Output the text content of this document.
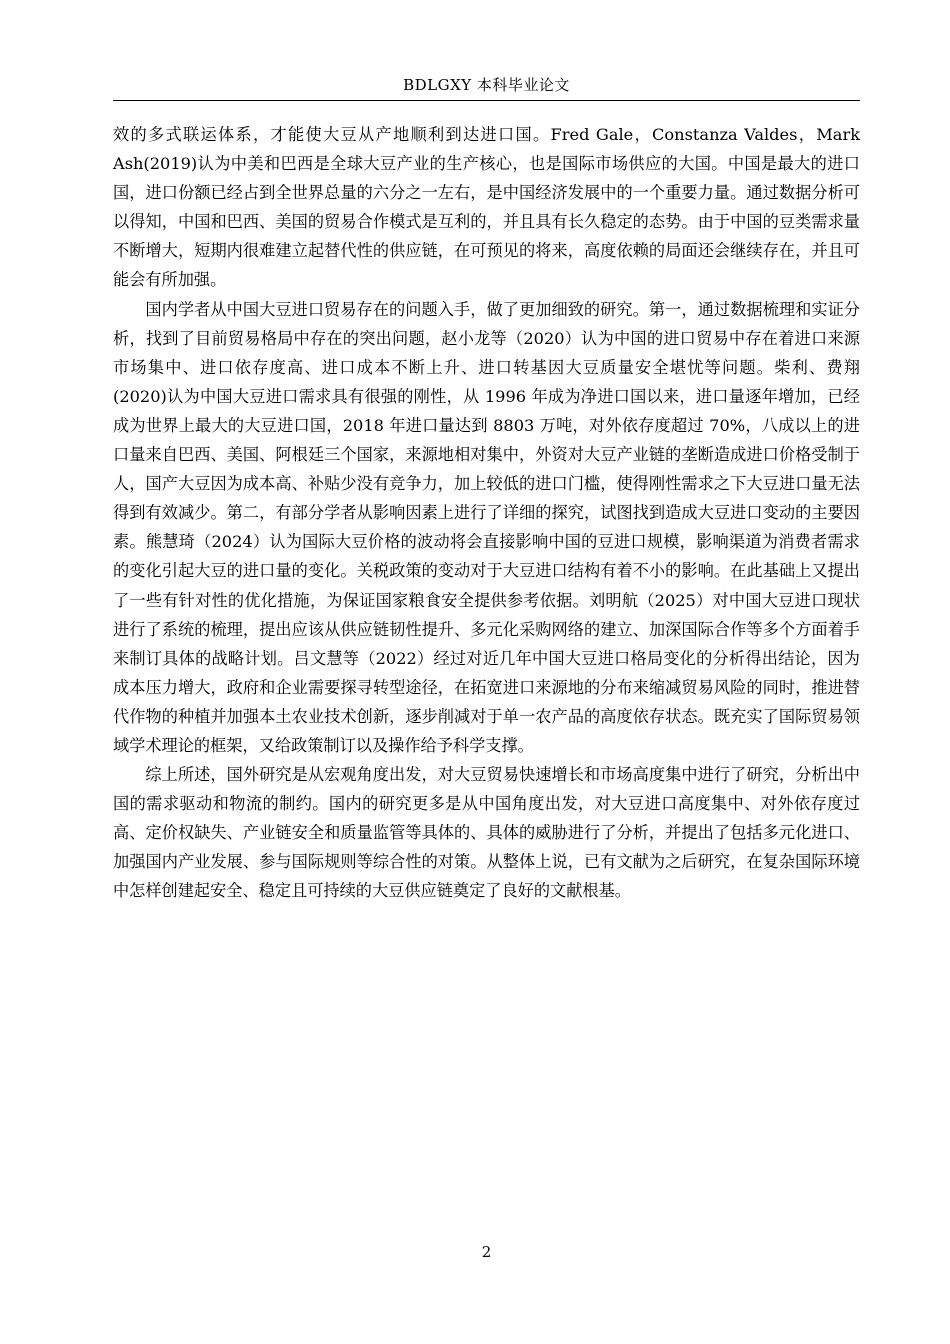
BDLGXY 本科毕业论文

效的多式联运体系，才能使大豆从产地顺利到达进口国。Fred Gale，Constanza Valdes，Mark Ash(2019)认为中美和巴西是全球大豆产业的生产核心，也是国际市场供应的大国。中国是最大的进口国，进口份额已经占到全世界总量的六分之一左右，是中国经济发展中的一个重要力量。通过数据分析可以得知，中国和巴西、美国的贸易合作模式是互利的，并且具有长久稳定的态势。由于中国的豆类需求量不断增大，短期内很难建立起替代性的供应链，在可预见的将来，高度依赖的局面还会继续存在，并且可能会有所加强。

国内学者从中国大豆进口贸易存在的问题入手，做了更加细致的研究。第一，通过数据梳理和实证分析，找到了目前贸易格局中存在的突出问题，赵小龙等（2020）认为中国的进口贸易中存在着进口来源市场集中、进口依存度高、进口成本不断上升、进口转基因大豆质量安全堪忧等问题。柴利、费翔(2020)认为中国大豆进口需求具有很强的刚性，从 1996 年成为净进口国以来，进口量逐年增加，已经成为世界上最大的大豆进口国，2018 年进口量达到 8803 万吨，对外依存度超过 70%，八成以上的进口量来自巴西、美国、阿根廷三个国家，来源地相对集中，外资对大豆产业链的垄断造成进口价格受制于人，国产大豆因为成本高、补贴少没有竞争力，加上较低的进口门槛，使得刚性需求之下大豆进口量无法得到有效减少。第二，有部分学者从影响因素上进行了详细的探究，试图找到造成大豆进口变动的主要因素。熊慧琦（2024）认为国际大豆价格的波动将会直接影响中国的豆进口规模，影响渠道为消费者需求的变化引起大豆的进口量的变化。关税政策的变动对于大豆进口结构有着不小的影响。在此基础上又提出了一些有针对性的优化措施，为保证国家粮食安全提供参考依据。刘明航（2025）对中国大豆进口现状进行了系统的梳理，提出应该从供应链韧性提升、多元化采购网络的建立、加深国际合作等多个方面着手来制订具体的战略计划。吕文慧等（2022）经过对近几年中国大豆进口格局变化的分析得出结论，因为成本压力增大，政府和企业需要探寻转型途径，在拓宽进口来源地的分布来缩减贸易风险的同时，推进替代作物的种植并加强本土农业技术创新，逐步削减对于单一农产品的高度依存状态。既充实了国际贸易领域学术理论的框架，又给政策制订以及操作给予科学支撑。

综上所述，国外研究是从宏观角度出发，对大豆贸易快速增长和市场高度集中进行了研究，分析出中国的需求驱动和物流的制约。国内的研究更多是从中国角度出发，对大豆进口高度集中、对外依存度过高、定价权缺失、产业链安全和质量监管等具体的、具体的威胁进行了分析，并提出了包括多元化进口、加强国内产业发展、参与国际规则等综合性的对策。从整体上说，已有文献为之后研究，在复杂国际环境中怎样创建起安全、稳定且可持续的大豆供应链奠定了良好的文献根基。

2
